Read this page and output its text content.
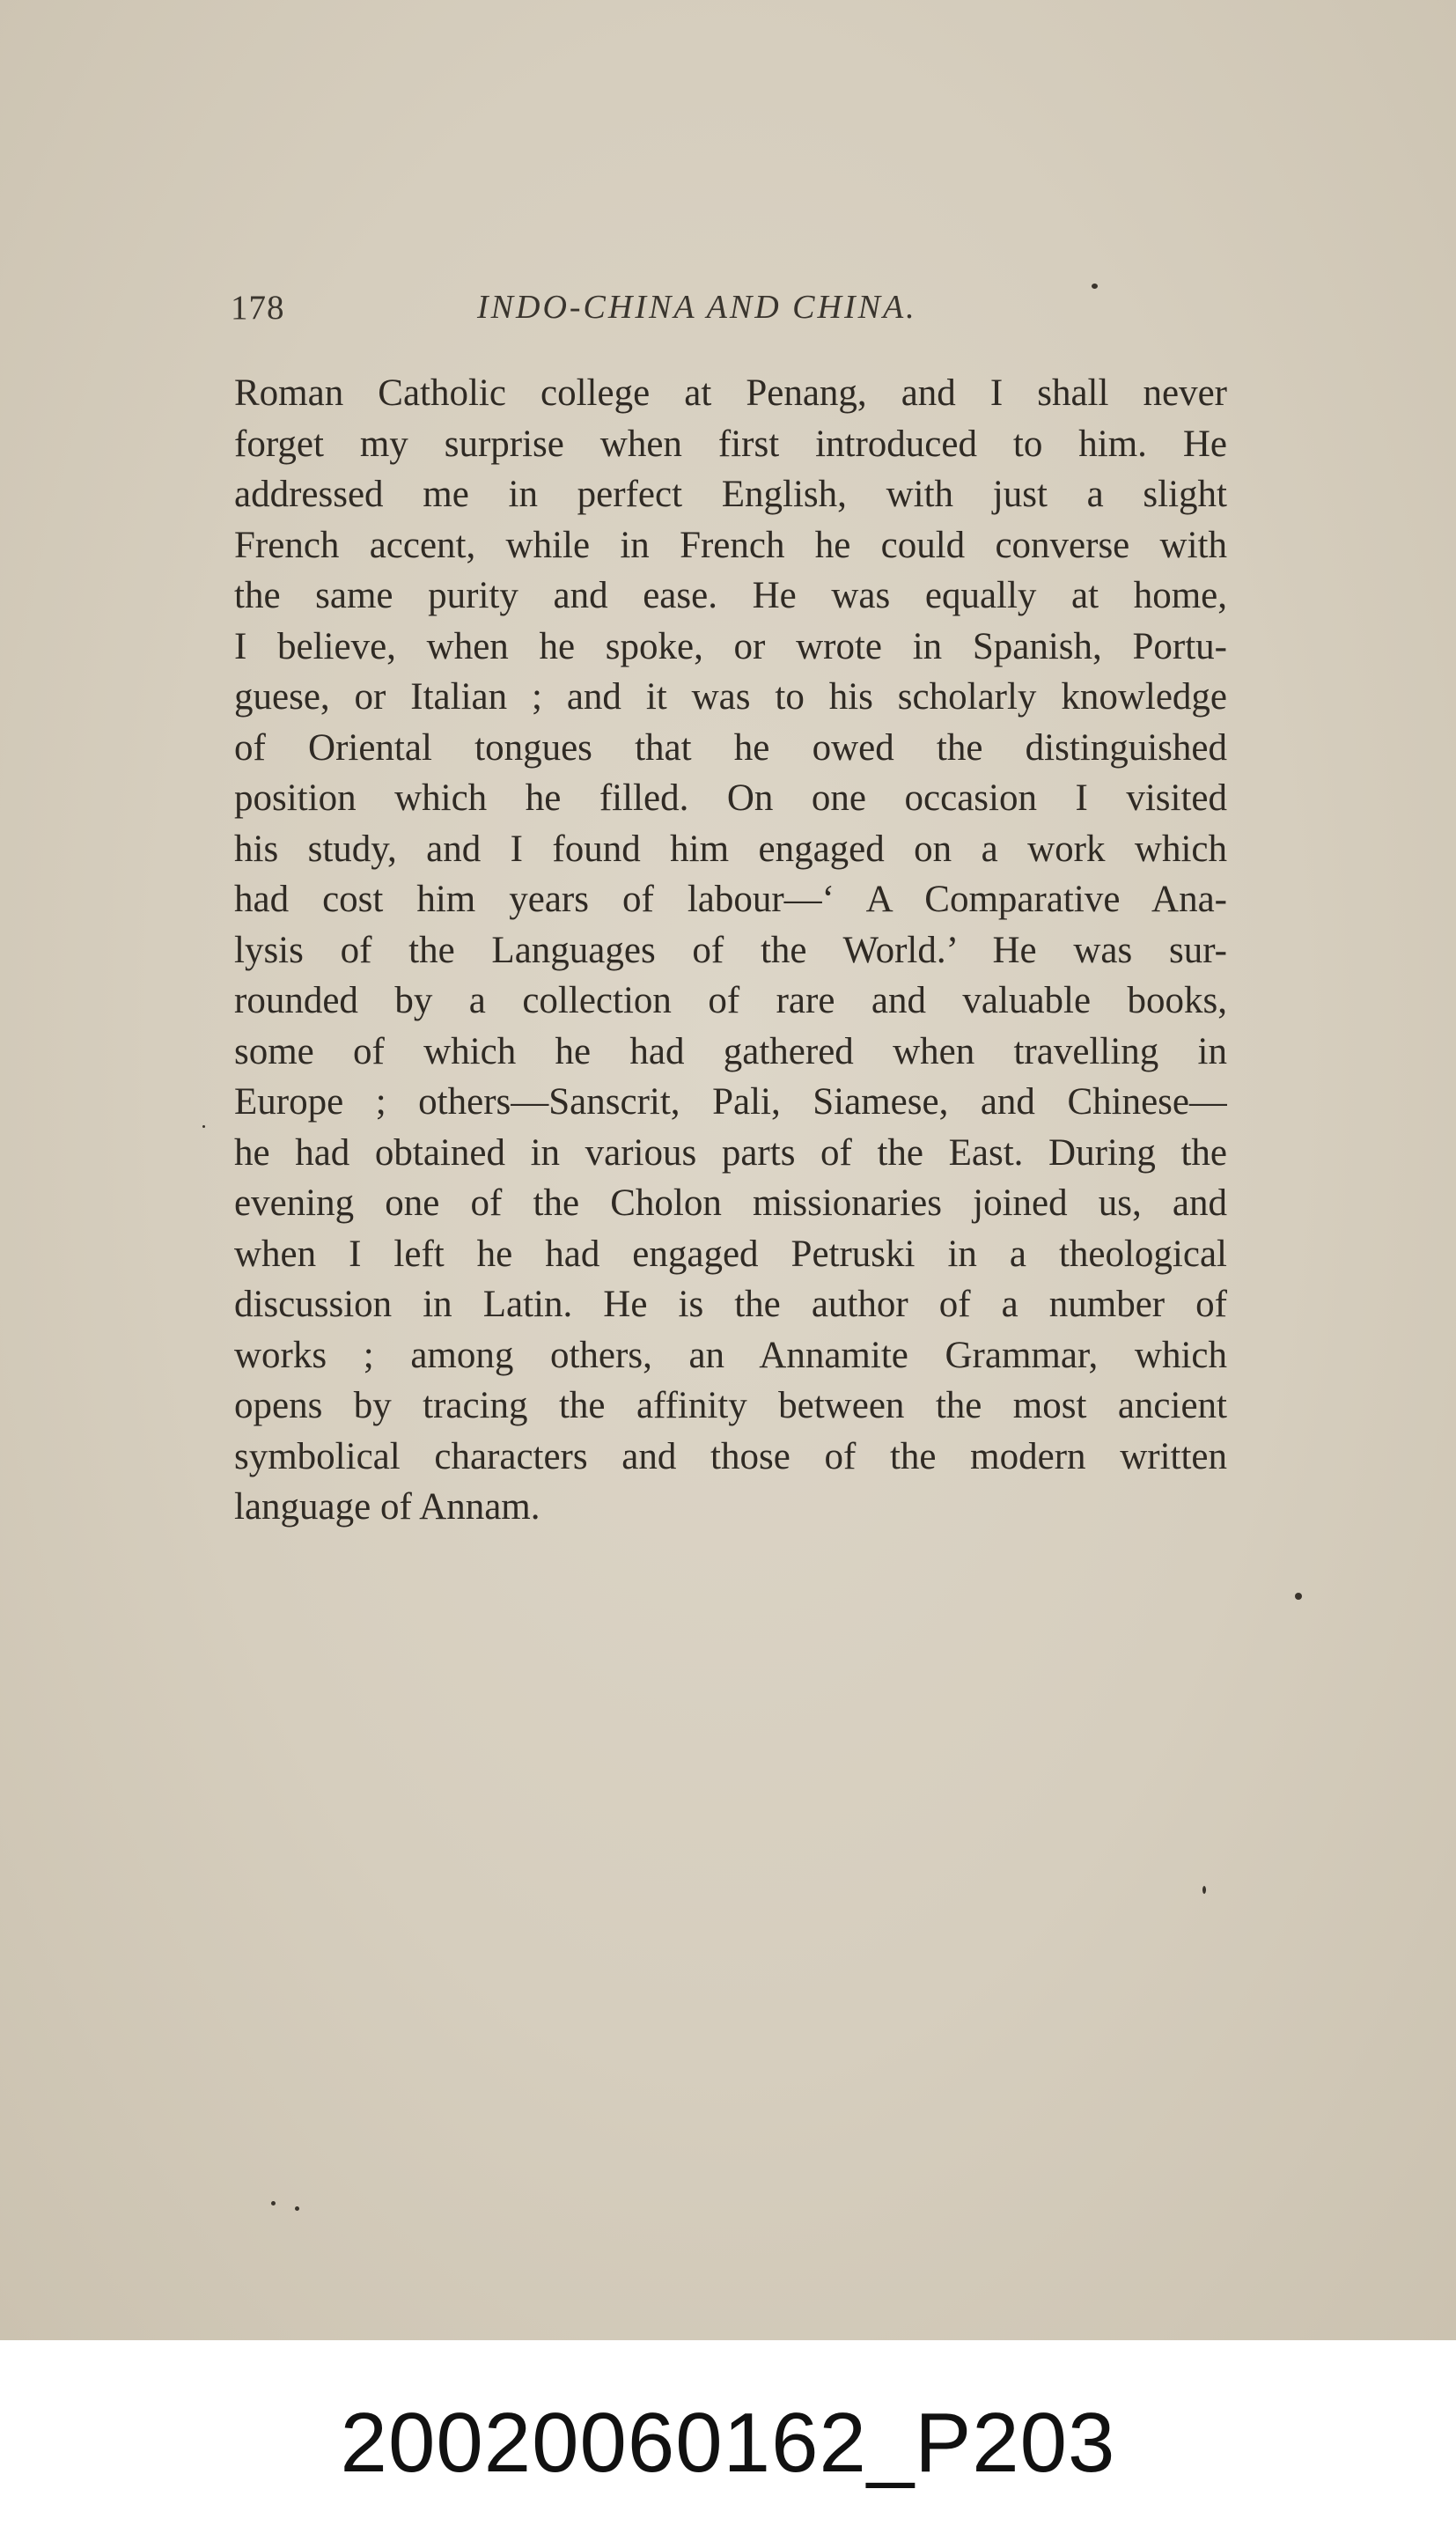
178	INDO-CHINA AND CHINA.
Roman Catholic college at Penang, and I shall never
forget my surprise when first introduced to him. He
addressed me in perfect English, with just a slight
French accent, while in French he could converse with
the same purity and ease. He was equally at home,
I believe, when he spoke, or wrote in Spanish, Portu-
guese, or Italian ; and it was to his scholarly knowledge
of Oriental tongues that he owed the distinguished
position which he filled. On one occasion I visited
his study, and I found him engaged on a work which
had cost him years of labour—‘ A Comparative Ana-
lysis of the Languages of the World.’ He was sur-
rounded by a collection of rare and valuable books,
some of which he had gathered when travelling in
Europe ; others—Sanscrit, Pali, Siamese, and Chinese—
he had obtained in various parts of the East. During the
evening one of the Cholon missionaries joined us, and
when I left he had engaged Petruski in a theological
discussion in Latin. He is the author of a number of
works ; among others, an Annamite Grammar, which
opens by tracing the affinity between the most ancient
symbolical characters and those of the modern written
language of Annam.
20020060162_P203
